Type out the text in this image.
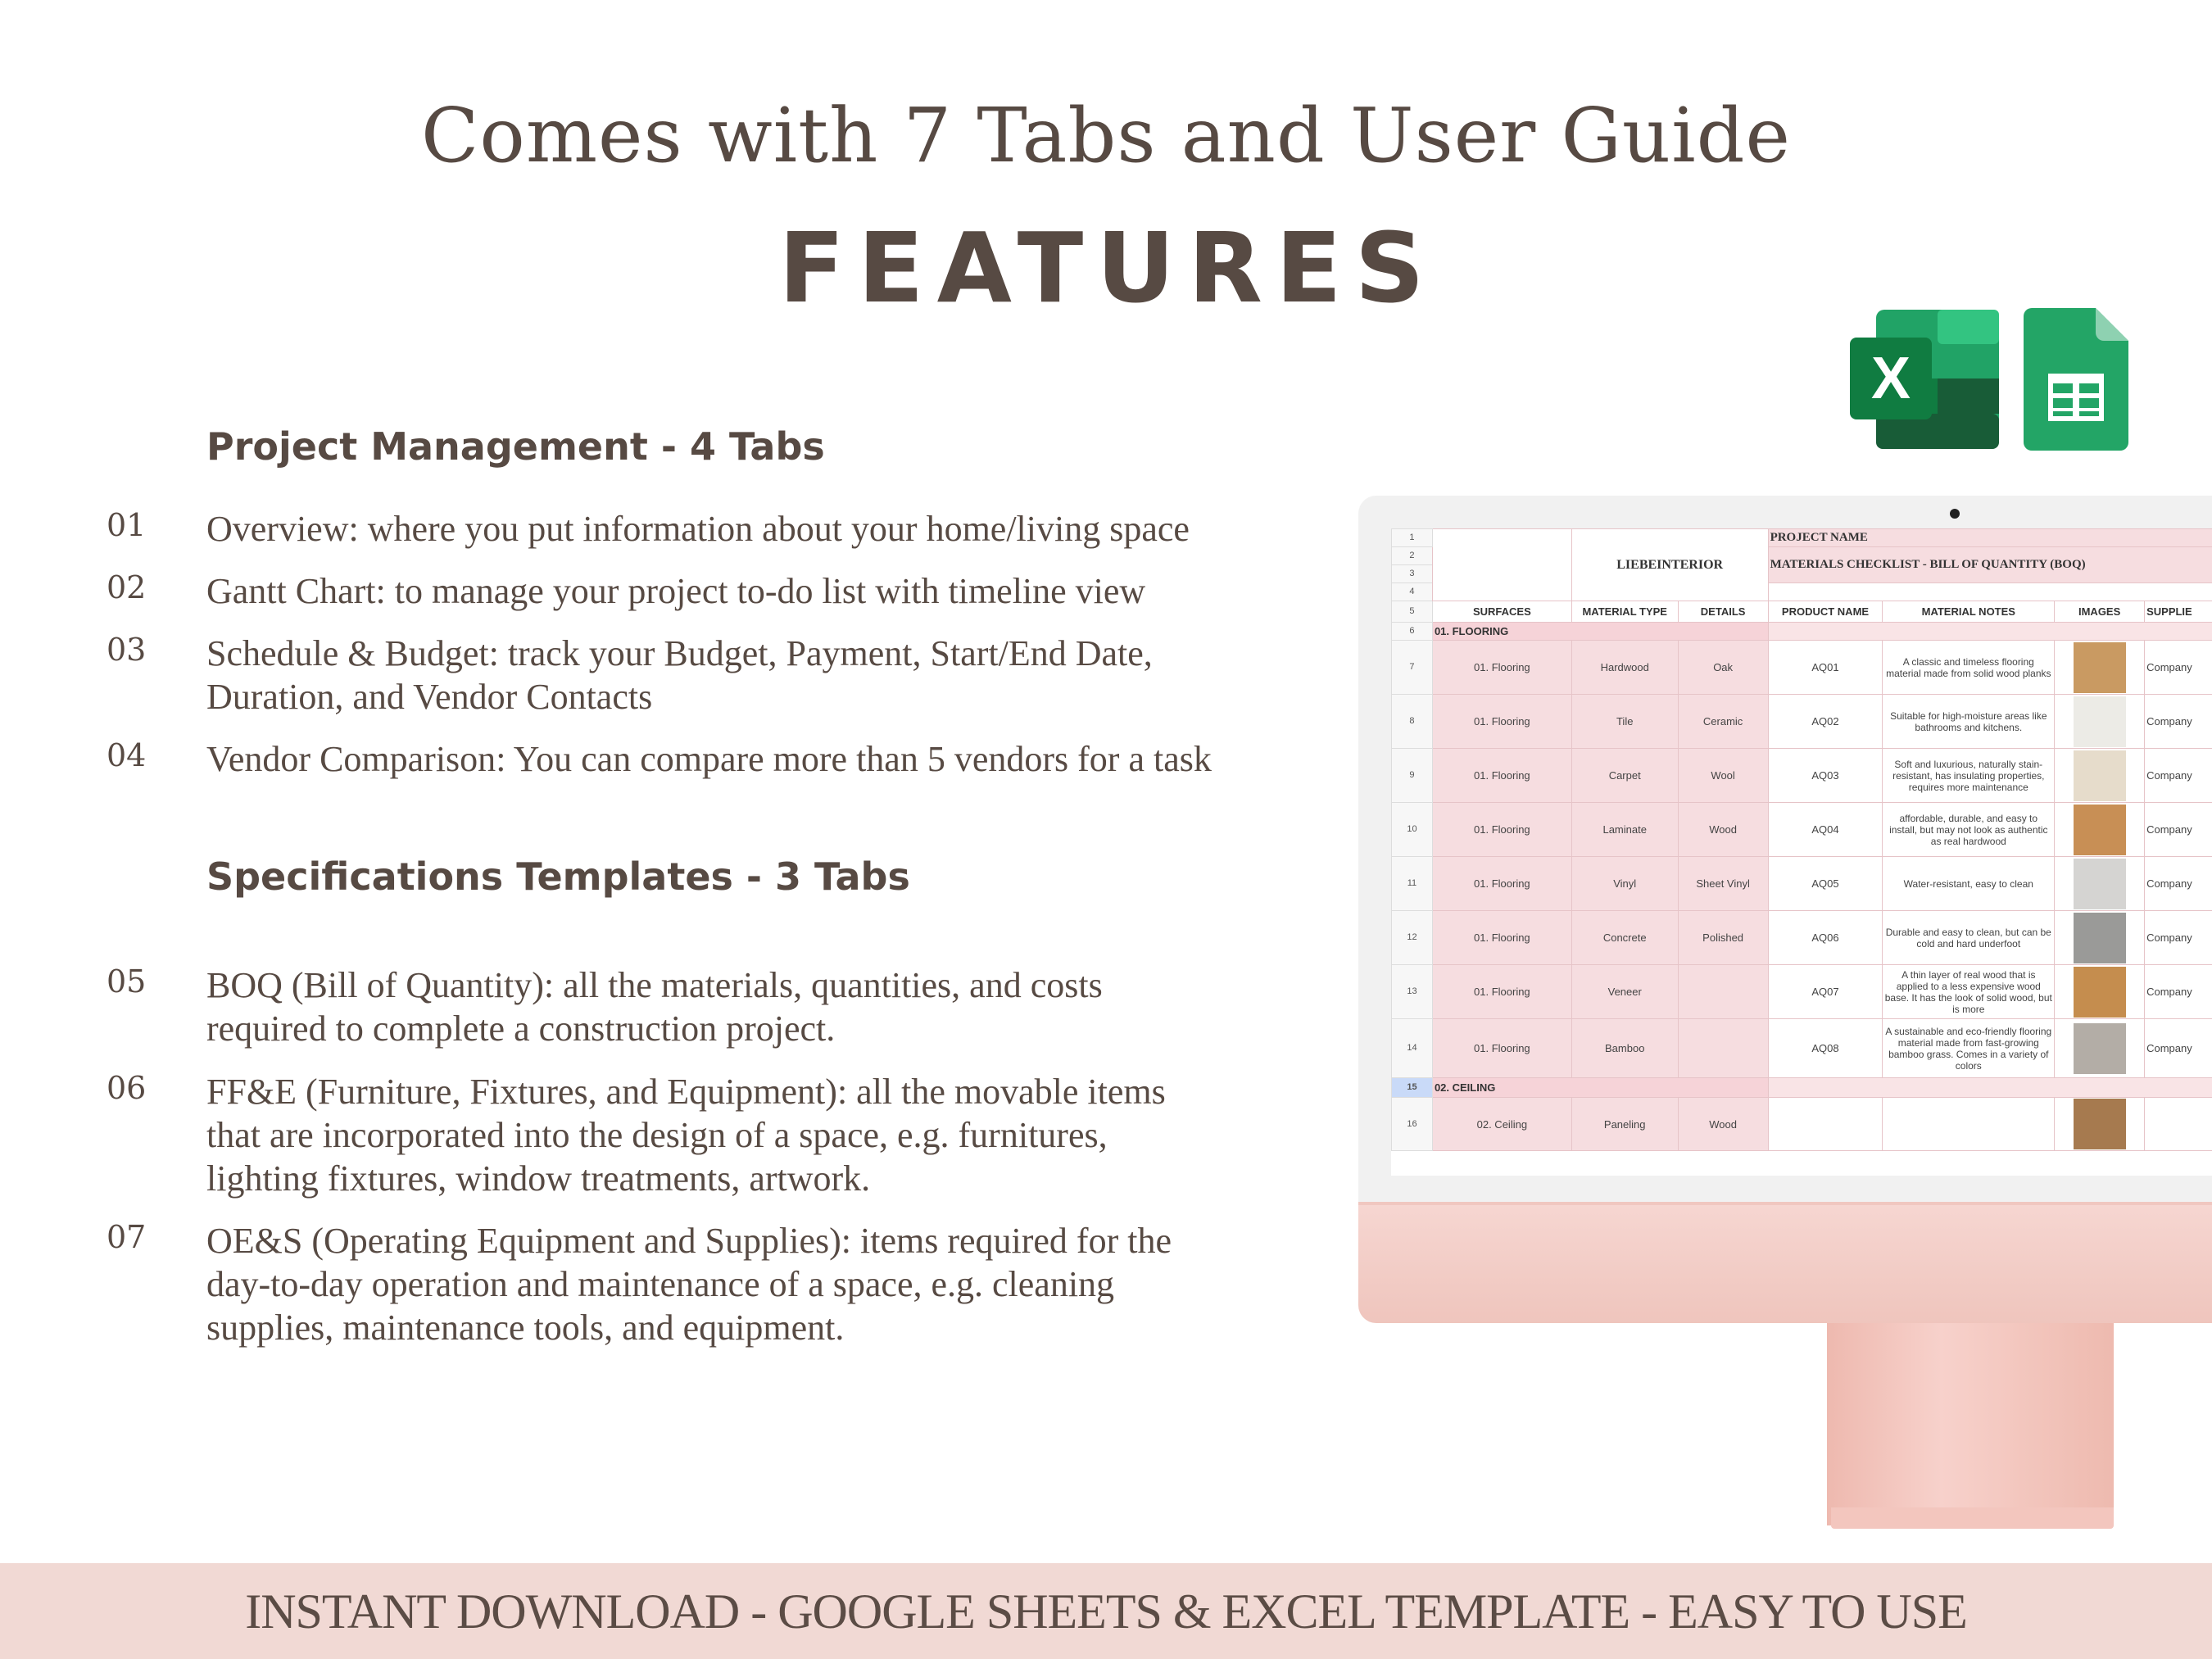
Comes with 7 Tabs and User Guide
FEATURES
X
Project Management - 4 Tabs
01 Overview: where you put information about your home/living space
02 Gantt Chart: to manage your project to-do list with timeline view
03 Schedule & Budget: track your Budget, Payment, Start/End Date, Duration, and Vendor Contacts
04 Vendor Comparison: You can compare more than 5 vendors for a task
Specifications Templates - 3 Tabs
05 BOQ (Bill of Quantity): all the materials, quantities, and costs required to complete a construction project.
06 FF&E (Furniture, Fixtures, and Equipment): all the movable items that are incorporated into the design of a space, e.g. furnitures, lighting fixtures, window treatments, artwork.
07 OE&S (Operating Equipment and Supplies): items required for the day-to-day operation and maintenance of a space, e.g. cleaning supplies, maintenance tools, and equipment.
1		LIEBEINTERIOR		PROJECT NAME			
2				MATERIALS CHECKLIST - BILL OF QUANTITY (BOQ)			
3							
4							
5	SURFACES	MATERIAL TYPE	DETAILS	PRODUCT NAME	MATERIAL NOTES	IMAGES	SUPPLIE
6	01. FLOORING						
7	01. Flooring	Hardwood	Oak	AQ01	A classic and timeless flooring material made from solid wood planks		Company
8	01. Flooring	Tile	Ceramic	AQ02	Suitable for high-moisture areas like bathrooms and kitchens.		Company
9	01. Flooring	Carpet	Wool	AQ03	Soft and luxurious, naturally stain-resistant, has insulating properties, requires more maintenance		Company
10	01. Flooring	Laminate	Wood	AQ04	affordable, durable, and easy to install, but may not look as authentic as real hardwood		Company
11	01. Flooring	Vinyl	Sheet Vinyl	AQ05	Water-resistant, easy to clean		Company
12	01. Flooring	Concrete	Polished	AQ06	Durable and easy to clean, but can be cold and hard underfoot		Company
13	01. Flooring	Veneer		AQ07	A thin layer of real wood that is applied to a less expensive wood base. It has the look of solid wood, but is more		Company
14	01. Flooring	Bamboo		AQ08	A sustainable and eco-friendly flooring material made from fast-growing bamboo grass. Comes in a variety of colors		Company
15	02. CEILING						
16	02. Ceiling	Paneling	Wood			

INSTANT DOWNLOAD - GOOGLE SHEETS & EXCEL TEMPLATE - EASY TO USE
